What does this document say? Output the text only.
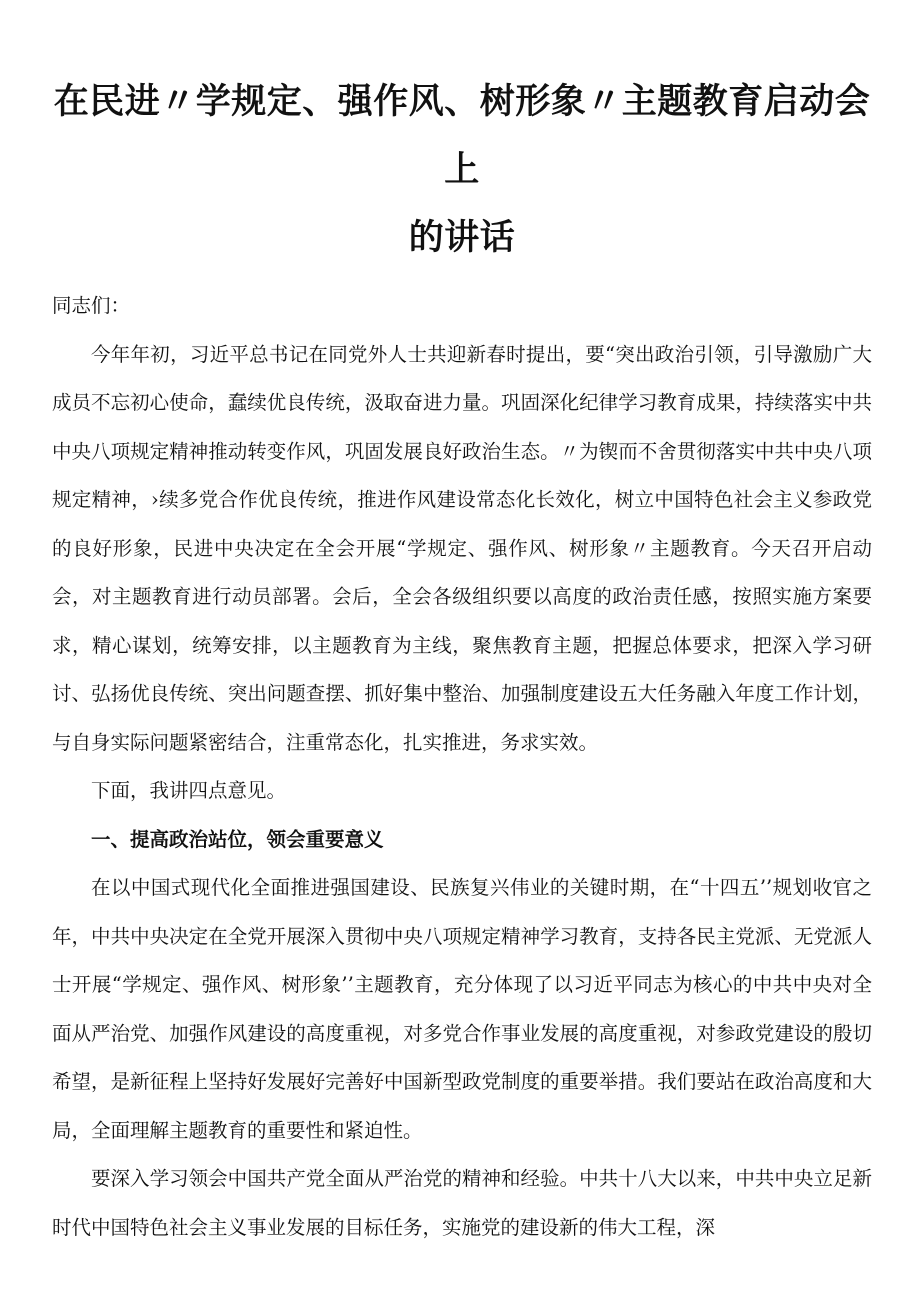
在民进〃学规定、强作风、树形象〃主题教育启动会上
的讲话

同志们：

今年年初，习近平总书记在同党外人士共迎新春时提出，要“突出政治引领，引导激励广大成员不忘初心使命，蠢续优良传统，汲取奋进力量。巩固深化纪律学习教育成果，持续落实中共中央八项规定精神推动转变作风，巩固发展良好政治生态。〃为锲而不舍贯彻落实中共中央八项规定精神，›续多党合作优良传统，推进作风建设常态化长效化，树立中国特色社会主义参政党的良好形象，民进中央决定在全会开展“学规定、强作风、树形象〃主题教育。今天召开启动会，对主题教育进行动员部署。会后，全会各级组织要以高度的政治责任感，按照实施方案要求，精心谋划，统筹安排，以主题教育为主线，聚焦教育主题，把握总体要求，把深入学习研讨、弘扬优良传统、突出问题查摆、抓好集中整治、加强制度建设五大任务融入年度工作计划，与自身实际问题紧密结合，注重常态化，扎实推进，务求实效。

下面，我讲四点意见。

一、提高政治站位，领会重要意义

在以中国式现代化全面推进强国建设、民族复兴伟业的关键时期，在“十四五’’规划收官之年，中共中央决定在全党开展深入贯彻中央八项规定精神学习教育，支持各民主党派、无党派人士开展“学规定、强作风、树形象’’主题教育，充分体现了以习近平同志为核心的中共中央对全面从严治党、加强作风建设的高度重视，对多党合作事业发展的高度重视，对参政党建设的殷切希望，是新征程上坚持好发展好完善好中国新型政党制度的重要举措。我们要站在政治高度和大局，全面理解主题教育的重要性和紧迫性。

要深入学习领会中国共产党全面从严治党的精神和经验。中共十八大以来，中共中央立足新时代中国特色社会主义事业发展的目标任务，实施党的建设新的伟大工程，深
